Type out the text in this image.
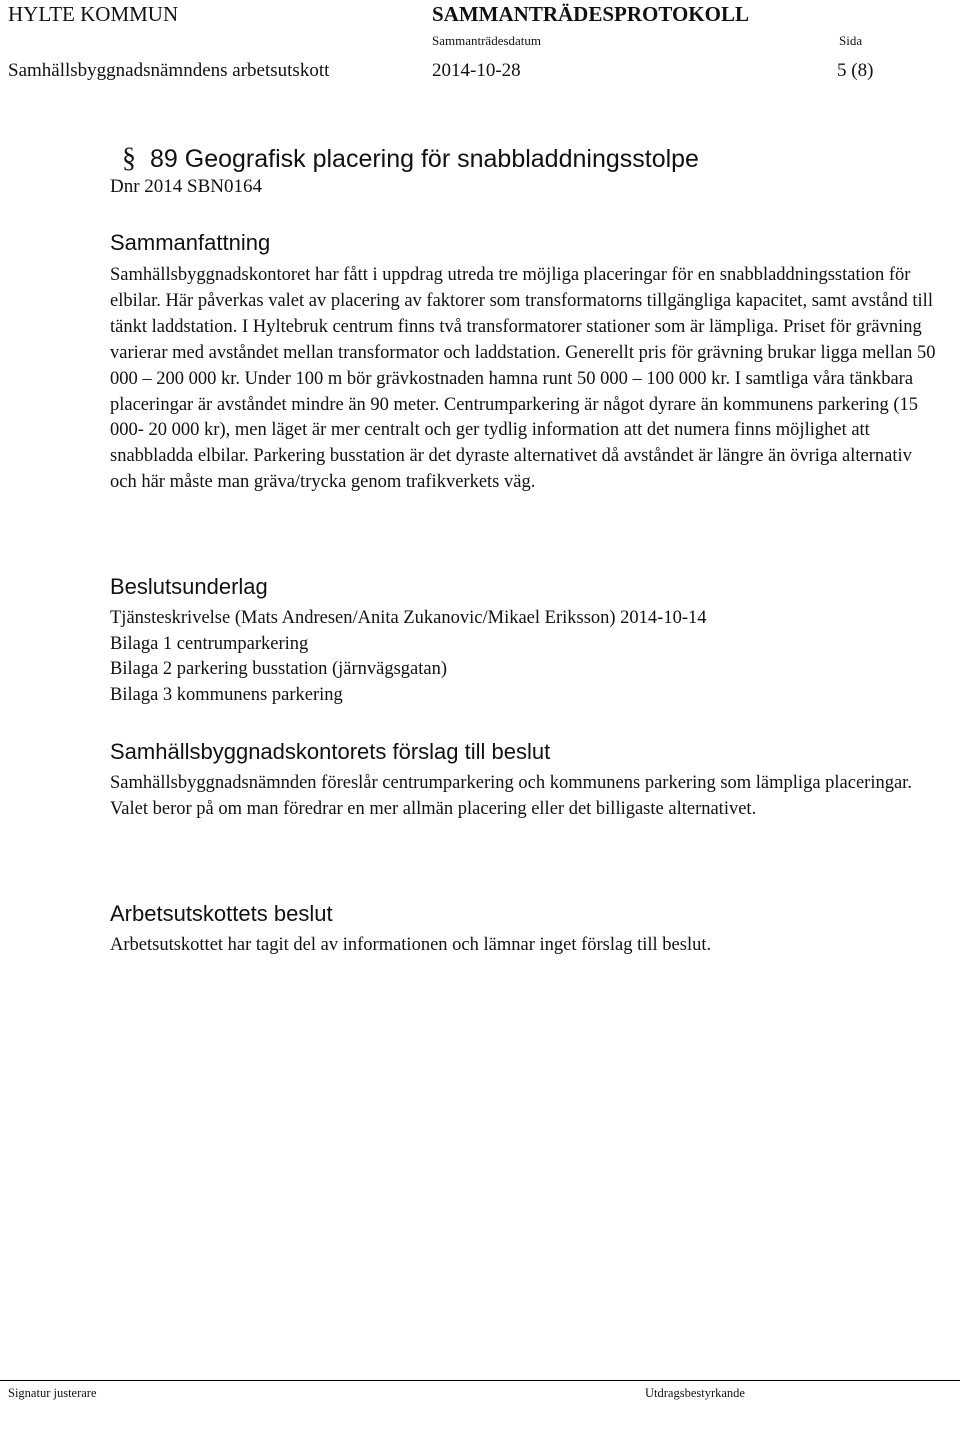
HYLTE KOMMUN	SAMMANTRÄDESPROTOKOLL
Sammanträdesdatum	Sida
Samhällsbyggnadsnämndens arbetsutskott	2014-10-28	5 (8)
§ 89 Geografisk placering för snabbladdningsstolpe
Dnr 2014 SBN0164
Sammanfattning
Samhällsbyggnadskontoret har fått i uppdrag utreda tre möjliga placeringar för en snabbladdningsstation för elbilar. Här påverkas valet av placering av faktorer som transformatorns tillgängliga kapacitet, samt avstånd till tänkt laddstation. I Hyltebruk centrum finns två transformatorer stationer som är lämpliga. Priset för grävning varierar med avståndet mellan transformator och laddstation. Generellt pris för grävning brukar ligga mellan 50 000 – 200 000 kr. Under 100 m bör grävkostnaden hamna runt 50 000 – 100 000 kr. I samtliga våra tänkbara placeringar är avståndet mindre än 90 meter. Centrumparkering är något dyrare än kommunens parkering (15 000- 20 000 kr), men läget är mer centralt och ger tydlig information att det numera finns möjlighet att snabbladda elbilar. Parkering busstation är det dyraste alternativet då avståndet är längre än övriga alternativ och här måste man gräva/trycka genom trafikverkets väg.
Beslutsunderlag
Tjänsteskrivelse (Mats Andresen/Anita Zukanovic/Mikael Eriksson) 2014-10-14
Bilaga 1 centrumparkering
Bilaga 2 parkering busstation (järnvägsgatan)
Bilaga 3 kommunens parkering
Samhällsbyggnadskontorets förslag till beslut
Samhällsbyggnadsnämnden föreslår centrumparkering och kommunens parkering som lämpliga placeringar. Valet beror på om man föredrar en mer allmän placering eller det billigaste alternativet.
Arbetsutskottets beslut
Arbetsutskottet har tagit del av informationen och lämnar inget förslag till beslut.
Signatur justerare	Utdragsbestyrkande
